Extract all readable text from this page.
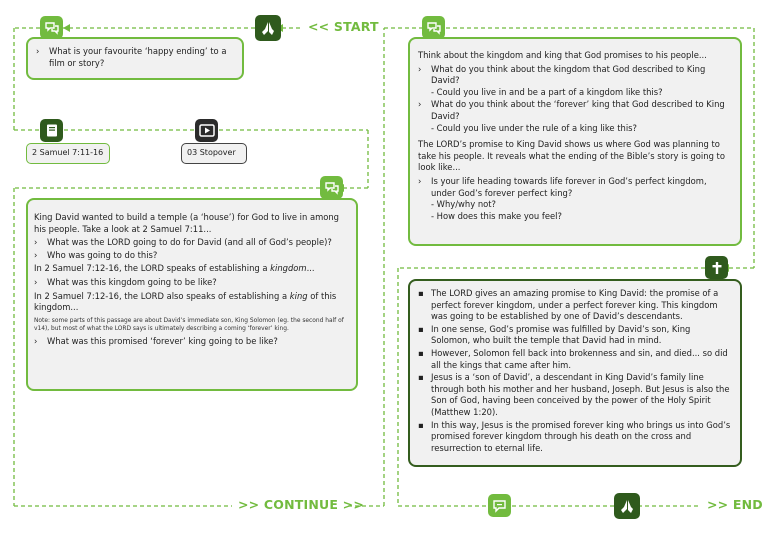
<< START
>> CONTINUE >>	>> END
2 Samuel 7:11-16	03 Stopover
› What is your favourite ‘happy ending’ to a film or story?
King David wanted to build a temple (a ‘house’) for God to live in among his people. Take a look at 2 Samuel 7:11...
› What was the LORD going to do for David (and all of God’s people)?
› Who was going to do this?
In 2 Samuel 7:12-16, the LORD speaks of establishing a kingdom...
› What was this kingdom going to be like?
In 2 Samuel 7:12-16, the LORD also speaks of establishing a king of this kingdom...
Note: some parts of this passage are about David’s immediate son, King Solomon (eg. the second half of v14), but most of what the LORD says is ultimately describing a coming ‘forever’ king.
› What was this promised ‘forever’ king going to be like?
Think about the kingdom and king that God promises to his people...
› What do you think about the kingdom that God described to King David?
- Could you live in and be a part of a kingdom like this?
› What do you think about the ‘forever’ king that God described to King David?
- Could you live under the rule of a king like this?
The LORD’s promise to King David shows us where God was planning to take his people. It reveals what the ending of the Bible’s story is going to look like...
› Is your life heading towards life forever in God’s perfect kingdom, under God’s forever perfect king?
- Why/why not?
- How does this make you feel?
▪ The LORD gives an amazing promise to King David: the promise of a perfect forever kingdom, under a perfect forever king. This kingdom was going to be established by one of David’s descendants.
▪ In one sense, God’s promise was fulfilled by David’s son, King Solomon, who built the temple that David had in mind.
▪ However, Solomon fell back into brokenness and sin, and died... so did all the kings that came after him.
▪ Jesus is a ‘son of David’, a descendant in King David’s family line through both his mother and her husband, Joseph. But Jesus is also the Son of God, having been conceived by the power of the Holy Spirit (Matthew 1:20).
▪ In this way, Jesus is the promised forever king who brings us into God’s promised forever kingdom through his death on the cross and resurrection to eternal life.
